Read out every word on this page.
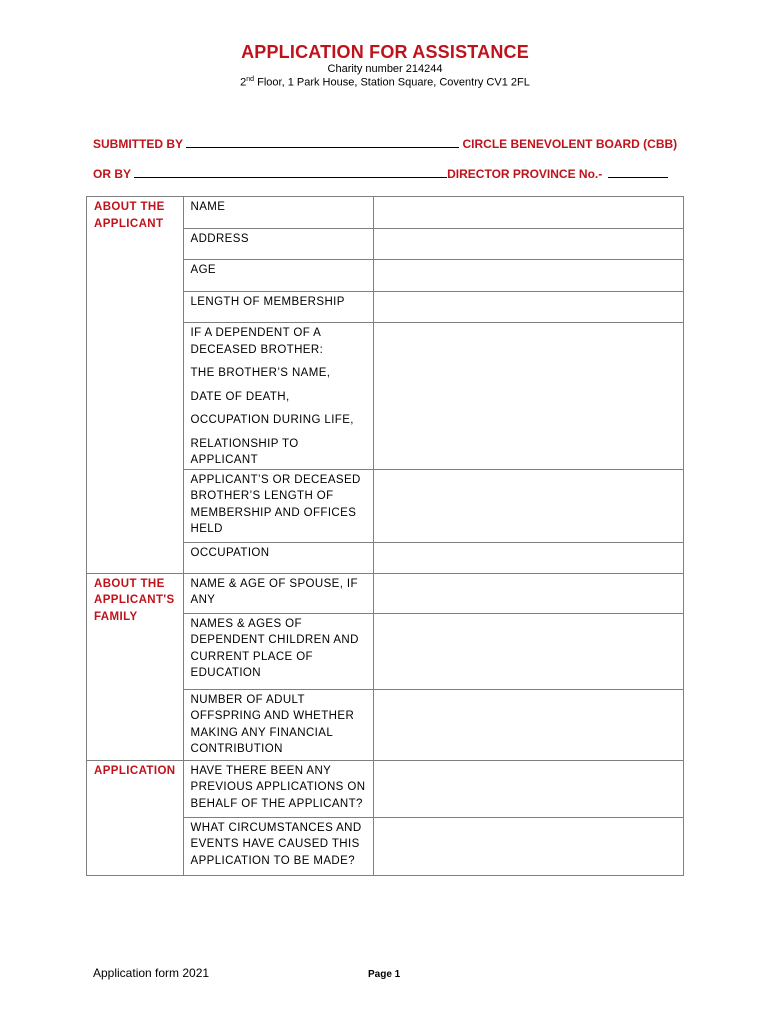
APPLICATION FOR ASSISTANCE
Charity number 214244
2nd Floor, 1 Park House, Station Square, Coventry CV1 2FL
SUBMITTED BY	CIRCLE BENEVOLENT BOARD (CBB)
OR BY	DIRECTOR PROVINCE No.-
ABOUT THE APPLICANT	NAME	
	ADDRESS	
	AGE	
	LENGTH OF MEMBERSHIP	

	IF A DEPENDENT OF A DECEASED BROTHER:
THE BROTHER’S NAME,
DATE OF DEATH,
OCCUPATION DURING LIFE,
RELATIONSHIP TO APPLICANT	

	APPLICANT’S OR DECEASED BROTHER’S LENGTH OF MEMBERSHIP AND OFFICES HELD	
	OCCUPATION	
ABOUT THE APPLICANT'S FAMILY	NAME & AGE OF SPOUSE, IF ANY	
	NAMES & AGES OF DEPENDENT CHILDREN AND CURRENT PLACE OF EDUCATION	
	NUMBER OF ADULT OFFSPRING AND WHETHER MAKING ANY FINANCIAL CONTRIBUTION	
APPLICATION	HAVE THERE BEEN ANY PREVIOUS APPLICATIONS ON BEHALF OF THE APPLICANT?	
	WHAT CIRCUMSTANCES AND EVENTS HAVE CAUSED THIS APPLICATION TO BE MADE?	
Application form 2021	Page 1
